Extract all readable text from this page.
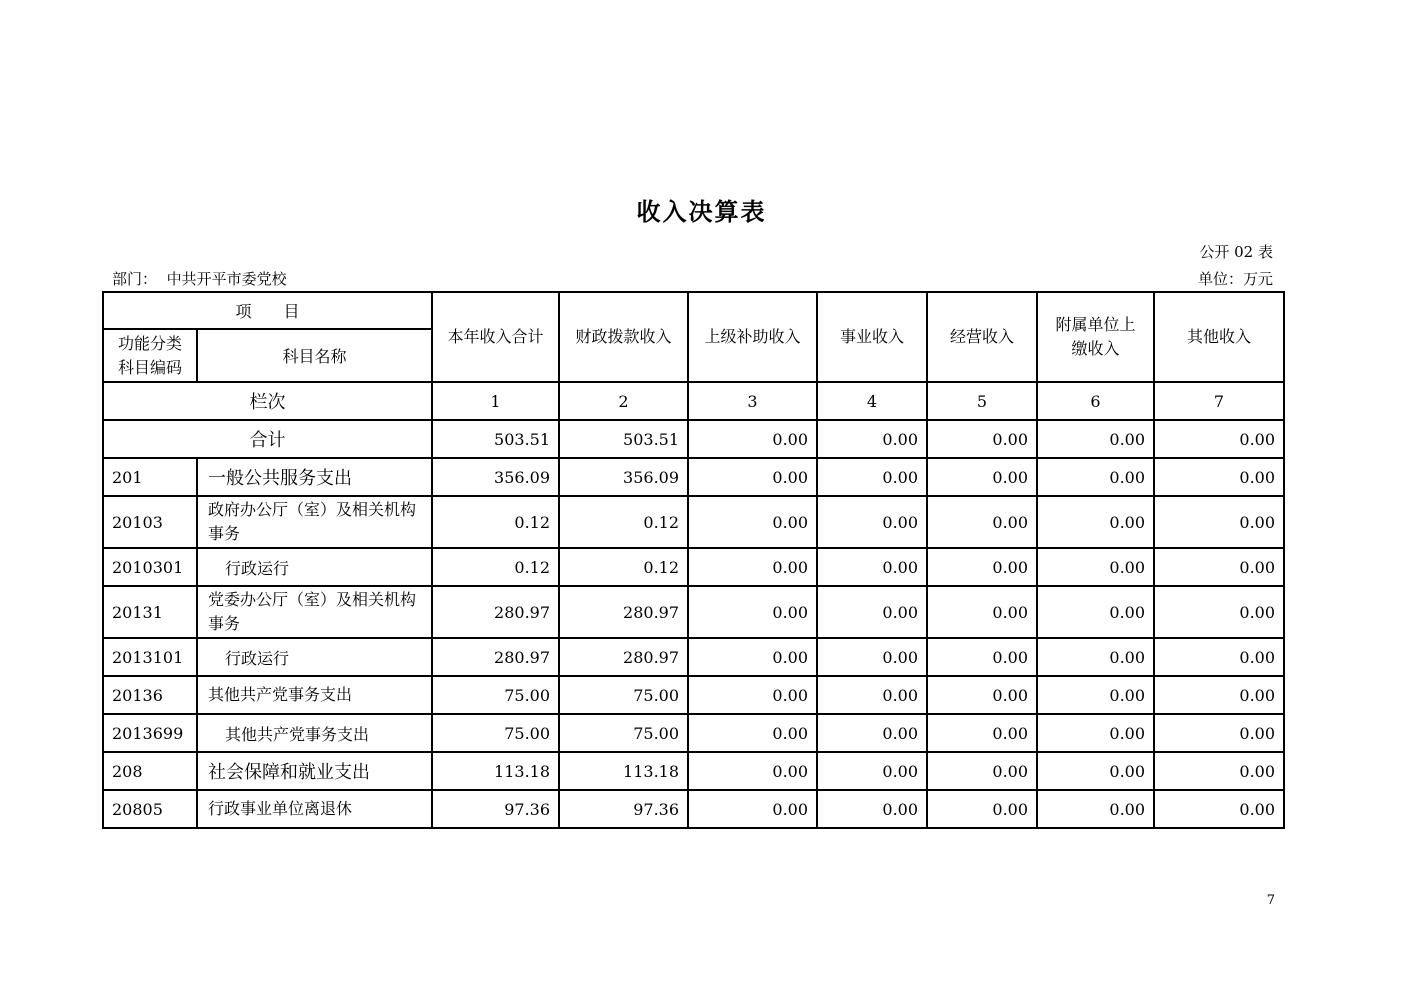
收入决算表
公开 02 表
部门： 中共开平市委党校	单位：万元
项　　目		本年收入合计	财政拨款收入	上级补助收入	事业收入	经营收入	附属单位上缴收入	其他收入
功能分类科目编码	科目名称							
栏次		1	2	3	4	5	6	7
合计		503.51	503.51	0.00	0.00	0.00	0.00	0.00
201	一般公共服务支出	356.09	356.09	0.00	0.00	0.00	0.00	0.00
20103	政府办公厅（室）及相关机构事务	0.12	0.12	0.00	0.00	0.00	0.00	0.00
2010301	行政运行	0.12	0.12	0.00	0.00	0.00	0.00	0.00
20131	党委办公厅（室）及相关机构事务	280.97	280.97	0.00	0.00	0.00	0.00	0.00
2013101	行政运行	280.97	280.97	0.00	0.00	0.00	0.00	0.00
20136	其他共产党事务支出	75.00	75.00	0.00	0.00	0.00	0.00	0.00
2013699	其他共产党事务支出	75.00	75.00	0.00	0.00	0.00	0.00	0.00
208	社会保障和就业支出	113.18	113.18	0.00	0.00	0.00	0.00	0.00
20805	行政事业单位离退休	97.36	97.36	0.00	0.00	0.00	0.00	0.00
7
